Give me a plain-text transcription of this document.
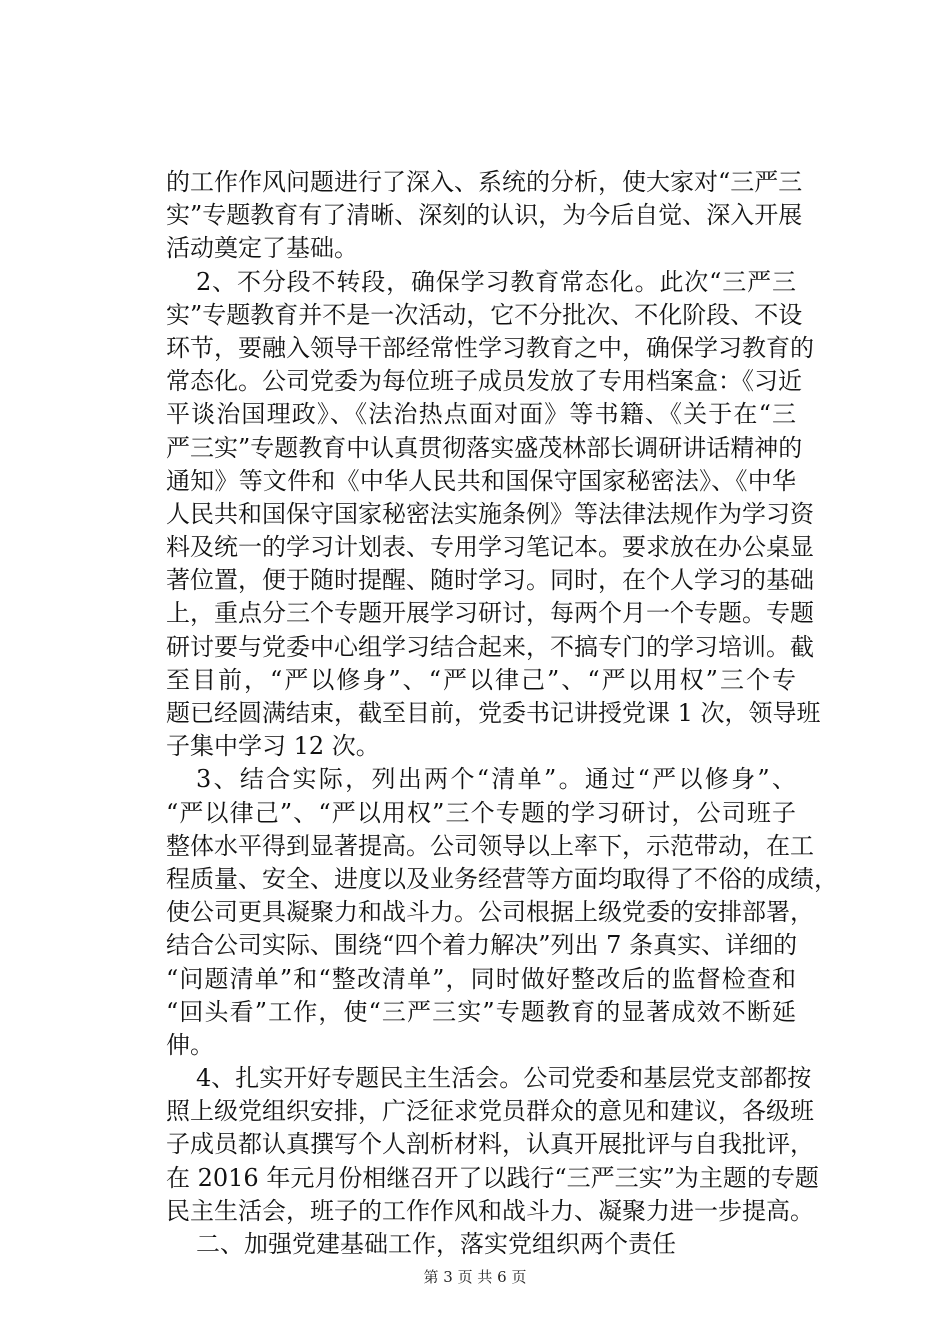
的工作作风问题进行了深入、系统的分析，使大家对“三严三
实”专题教育有了清晰、深刻的认识，为今后自觉、深入开展
活动奠定了基础。
2、不分段不转段，确保学习教育常态化。此次“三严三
实”专题教育并不是一次活动，它不分批次、不化阶段、不设
环节，要融入领导干部经常性学习教育之中，确保学习教育的
常态化。公司党委为每位班子成员发放了专用档案盒：《习近
平谈治国理政》、《法治热点面对面》等书籍、《关于在“三
严三实”专题教育中认真贯彻落实盛茂林部长调研讲话精神的
通知》等文件和《中华人民共和国保守国家秘密法》、《中华
人民共和国保守国家秘密法实施条例》等法律法规作为学习资
料及统一的学习计划表、专用学习笔记本。要求放在办公桌显
著位置，便于随时提醒、随时学习。同时，在个人学习的基础
上，重点分三个专题开展学习研讨，每两个月一个专题。专题
研讨要与党委中心组学习结合起来，不搞专门的学习培训。截
至目前，“严以修身”、“严以律己”、“严以用权”三个专
题已经圆满结束，截至目前，党委书记讲授党课 1 次，领导班
子集中学习 12 次。
3、结合实际，列出两个“清单”。通过“严以修身”、
“严以律己”、“严以用权”三个专题的学习研讨，公司班子
整体水平得到显著提高。公司领导以上率下，示范带动，在工
程质量、安全、进度以及业务经营等方面均取得了不俗的成绩，
使公司更具凝聚力和战斗力。公司根据上级党委的安排部署，
结合公司实际、围绕“四个着力解决”列出 7 条真实、详细的
“问题清单”和“整改清单”，同时做好整改后的监督检查和
“回头看”工作，使“三严三实”专题教育的显著成效不断延
伸。
4、扎实开好专题民主生活会。公司党委和基层党支部都按
照上级党组织安排，广泛征求党员群众的意见和建议，各级班
子成员都认真撰写个人剖析材料，认真开展批评与自我批评，
在 2016 年元月份相继召开了以践行“三严三实”为主题的专题
民主生活会，班子的工作作风和战斗力、凝聚力进一步提高。
二、加强党建基础工作，落实党组织两个责任
第 3 页 共 6 页
